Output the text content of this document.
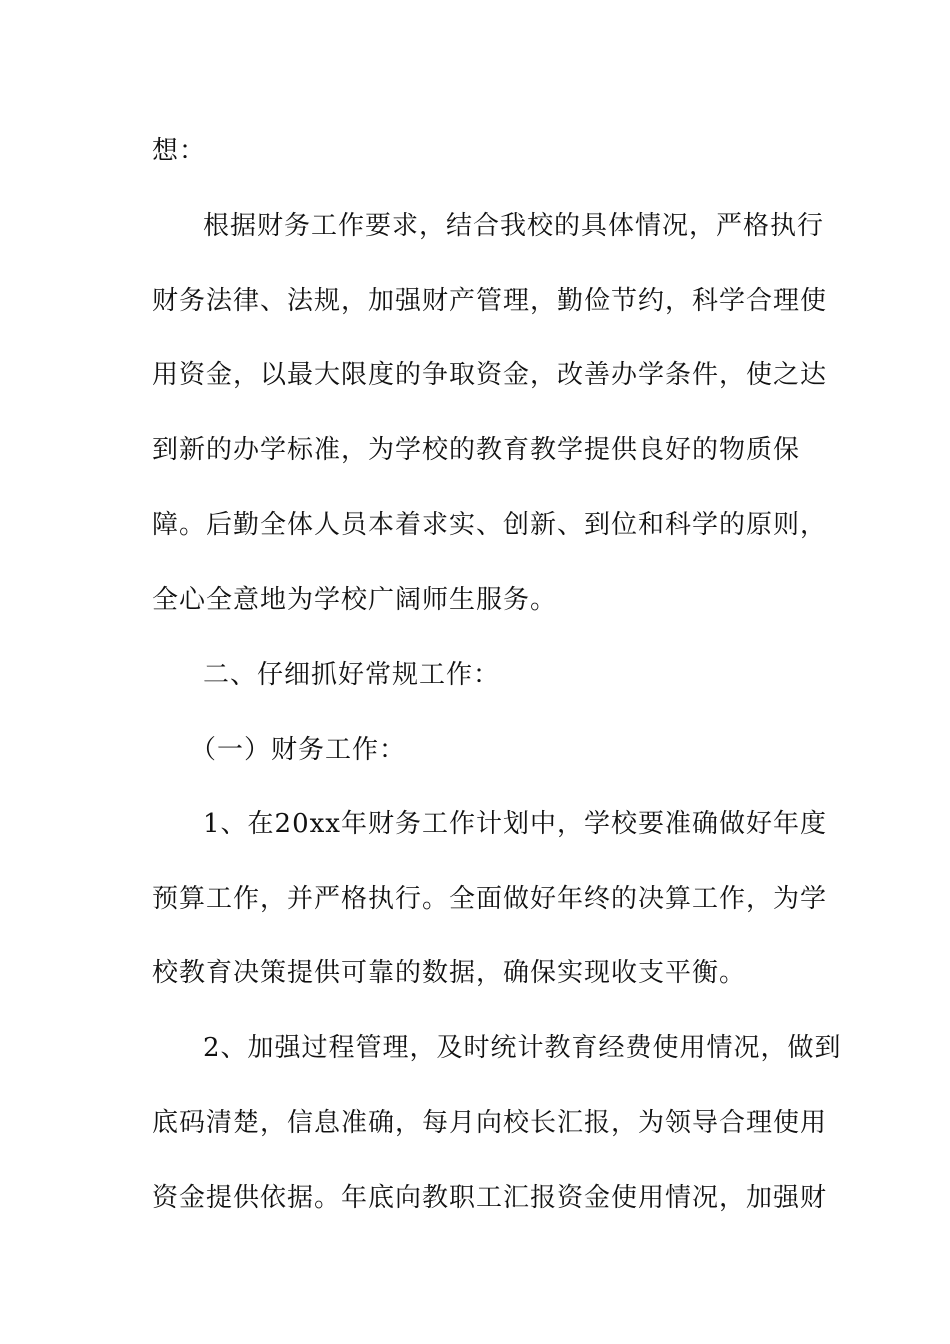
想：
根据财务工作要求，结合我校的具体情况，严格执行
财务法律、法规，加强财产管理，勤俭节约，科学合理使
用资金，以最大限度的争取资金，改善办学条件，使之达
到新的办学标准，为学校的教育教学提供良好的物质保
障。后勤全体人员本着求实、创新、到位和科学的原则，
全心全意地为学校广阔师生服务。
二、仔细抓好常规工作：
（一）财务工作：
1、在20xx年财务工作计划中，学校要准确做好年度
预算工作，并严格执行。全面做好年终的决算工作，为学
校教育决策提供可靠的数据，确保实现收支平衡。
2、加强过程管理，及时统计教育经费使用情况，做到
底码清楚，信息准确，每月向校长汇报，为领导合理使用
资金提供依据。年底向教职工汇报资金使用情况，加强财
